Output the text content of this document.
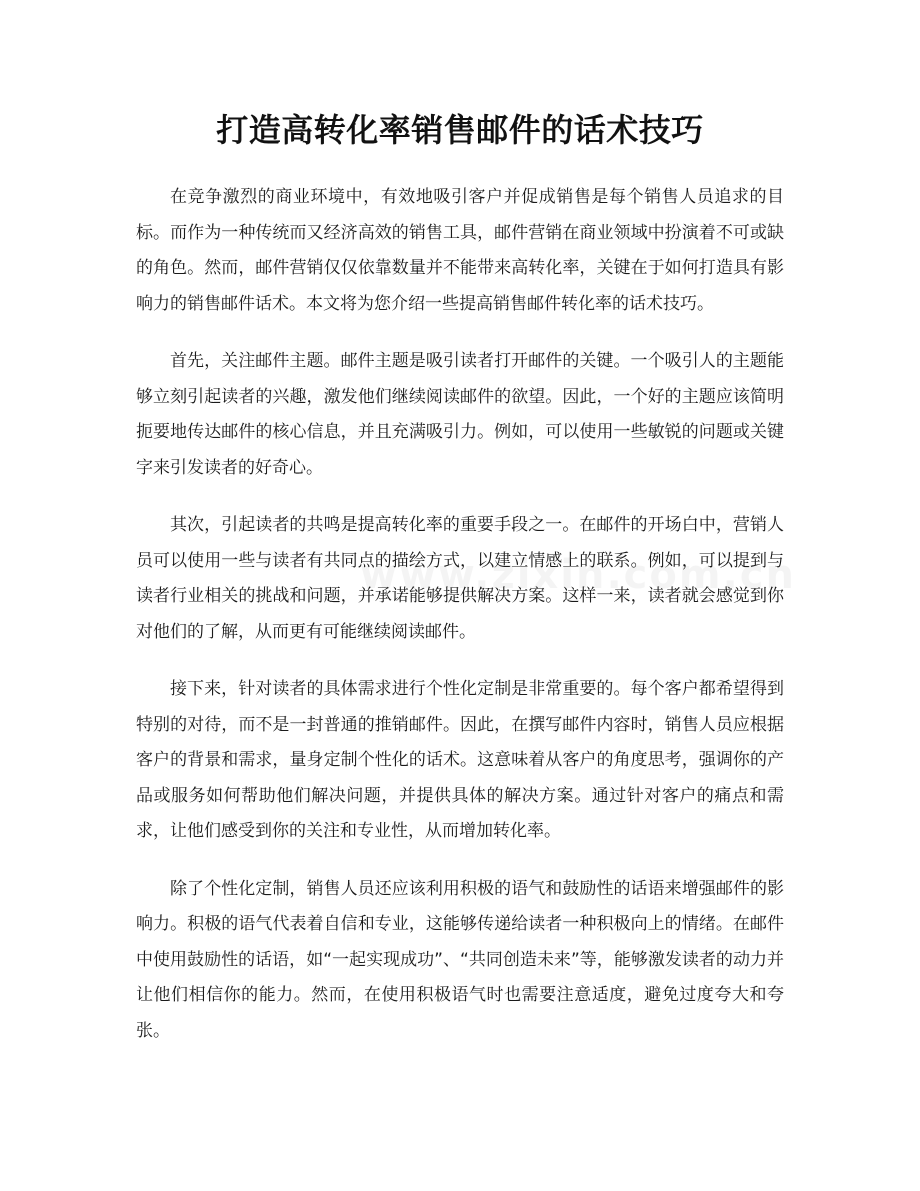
打造高转化率销售邮件的话术技巧

在竞争激烈的商业环境中，有效地吸引客户并促成销售是每个销售人员追求的目标。而作为一种传统而又经济高效的销售工具，邮件营销在商业领域中扮演着不可或缺的角色。然而，邮件营销仅仅依靠数量并不能带来高转化率，关键在于如何打造具有影响力的销售邮件话术。本文将为您介绍一些提高销售邮件转化率的话术技巧。

首先，关注邮件主题。邮件主题是吸引读者打开邮件的关键。一个吸引人的主题能够立刻引起读者的兴趣，激发他们继续阅读邮件的欲望。因此，一个好的主题应该简明扼要地传达邮件的核心信息，并且充满吸引力。例如，可以使用一些敏锐的问题或关键字来引发读者的好奇心。

其次，引起读者的共鸣是提高转化率的重要手段之一。在邮件的开场白中，营销人员可以使用一些与读者有共同点的描绘方式，以建立情感上的联系。例如，可以提到与读者行业相关的挑战和问题，并承诺能够提供解决方案。这样一来，读者就会感觉到你对他们的了解，从而更有可能继续阅读邮件。

接下来，针对读者的具体需求进行个性化定制是非常重要的。每个客户都希望得到特别的对待，而不是一封普通的推销邮件。因此，在撰写邮件内容时，销售人员应根据客户的背景和需求，量身定制个性化的话术。这意味着从客户的角度思考，强调你的产品或服务如何帮助他们解决问题，并提供具体的解决方案。通过针对客户的痛点和需求，让他们感受到你的关注和专业性，从而增加转化率。

除了个性化定制，销售人员还应该利用积极的语气和鼓励性的话语来增强邮件的影响力。积极的语气代表着自信和专业，这能够传递给读者一种积极向上的情绪。在邮件中使用鼓励性的话语，如“一起实现成功”、“共同创造未来”等，能够激发读者的动力并让他们相信你的能力。然而，在使用积极语气时也需要注意适度，避免过度夸大和夸张。
